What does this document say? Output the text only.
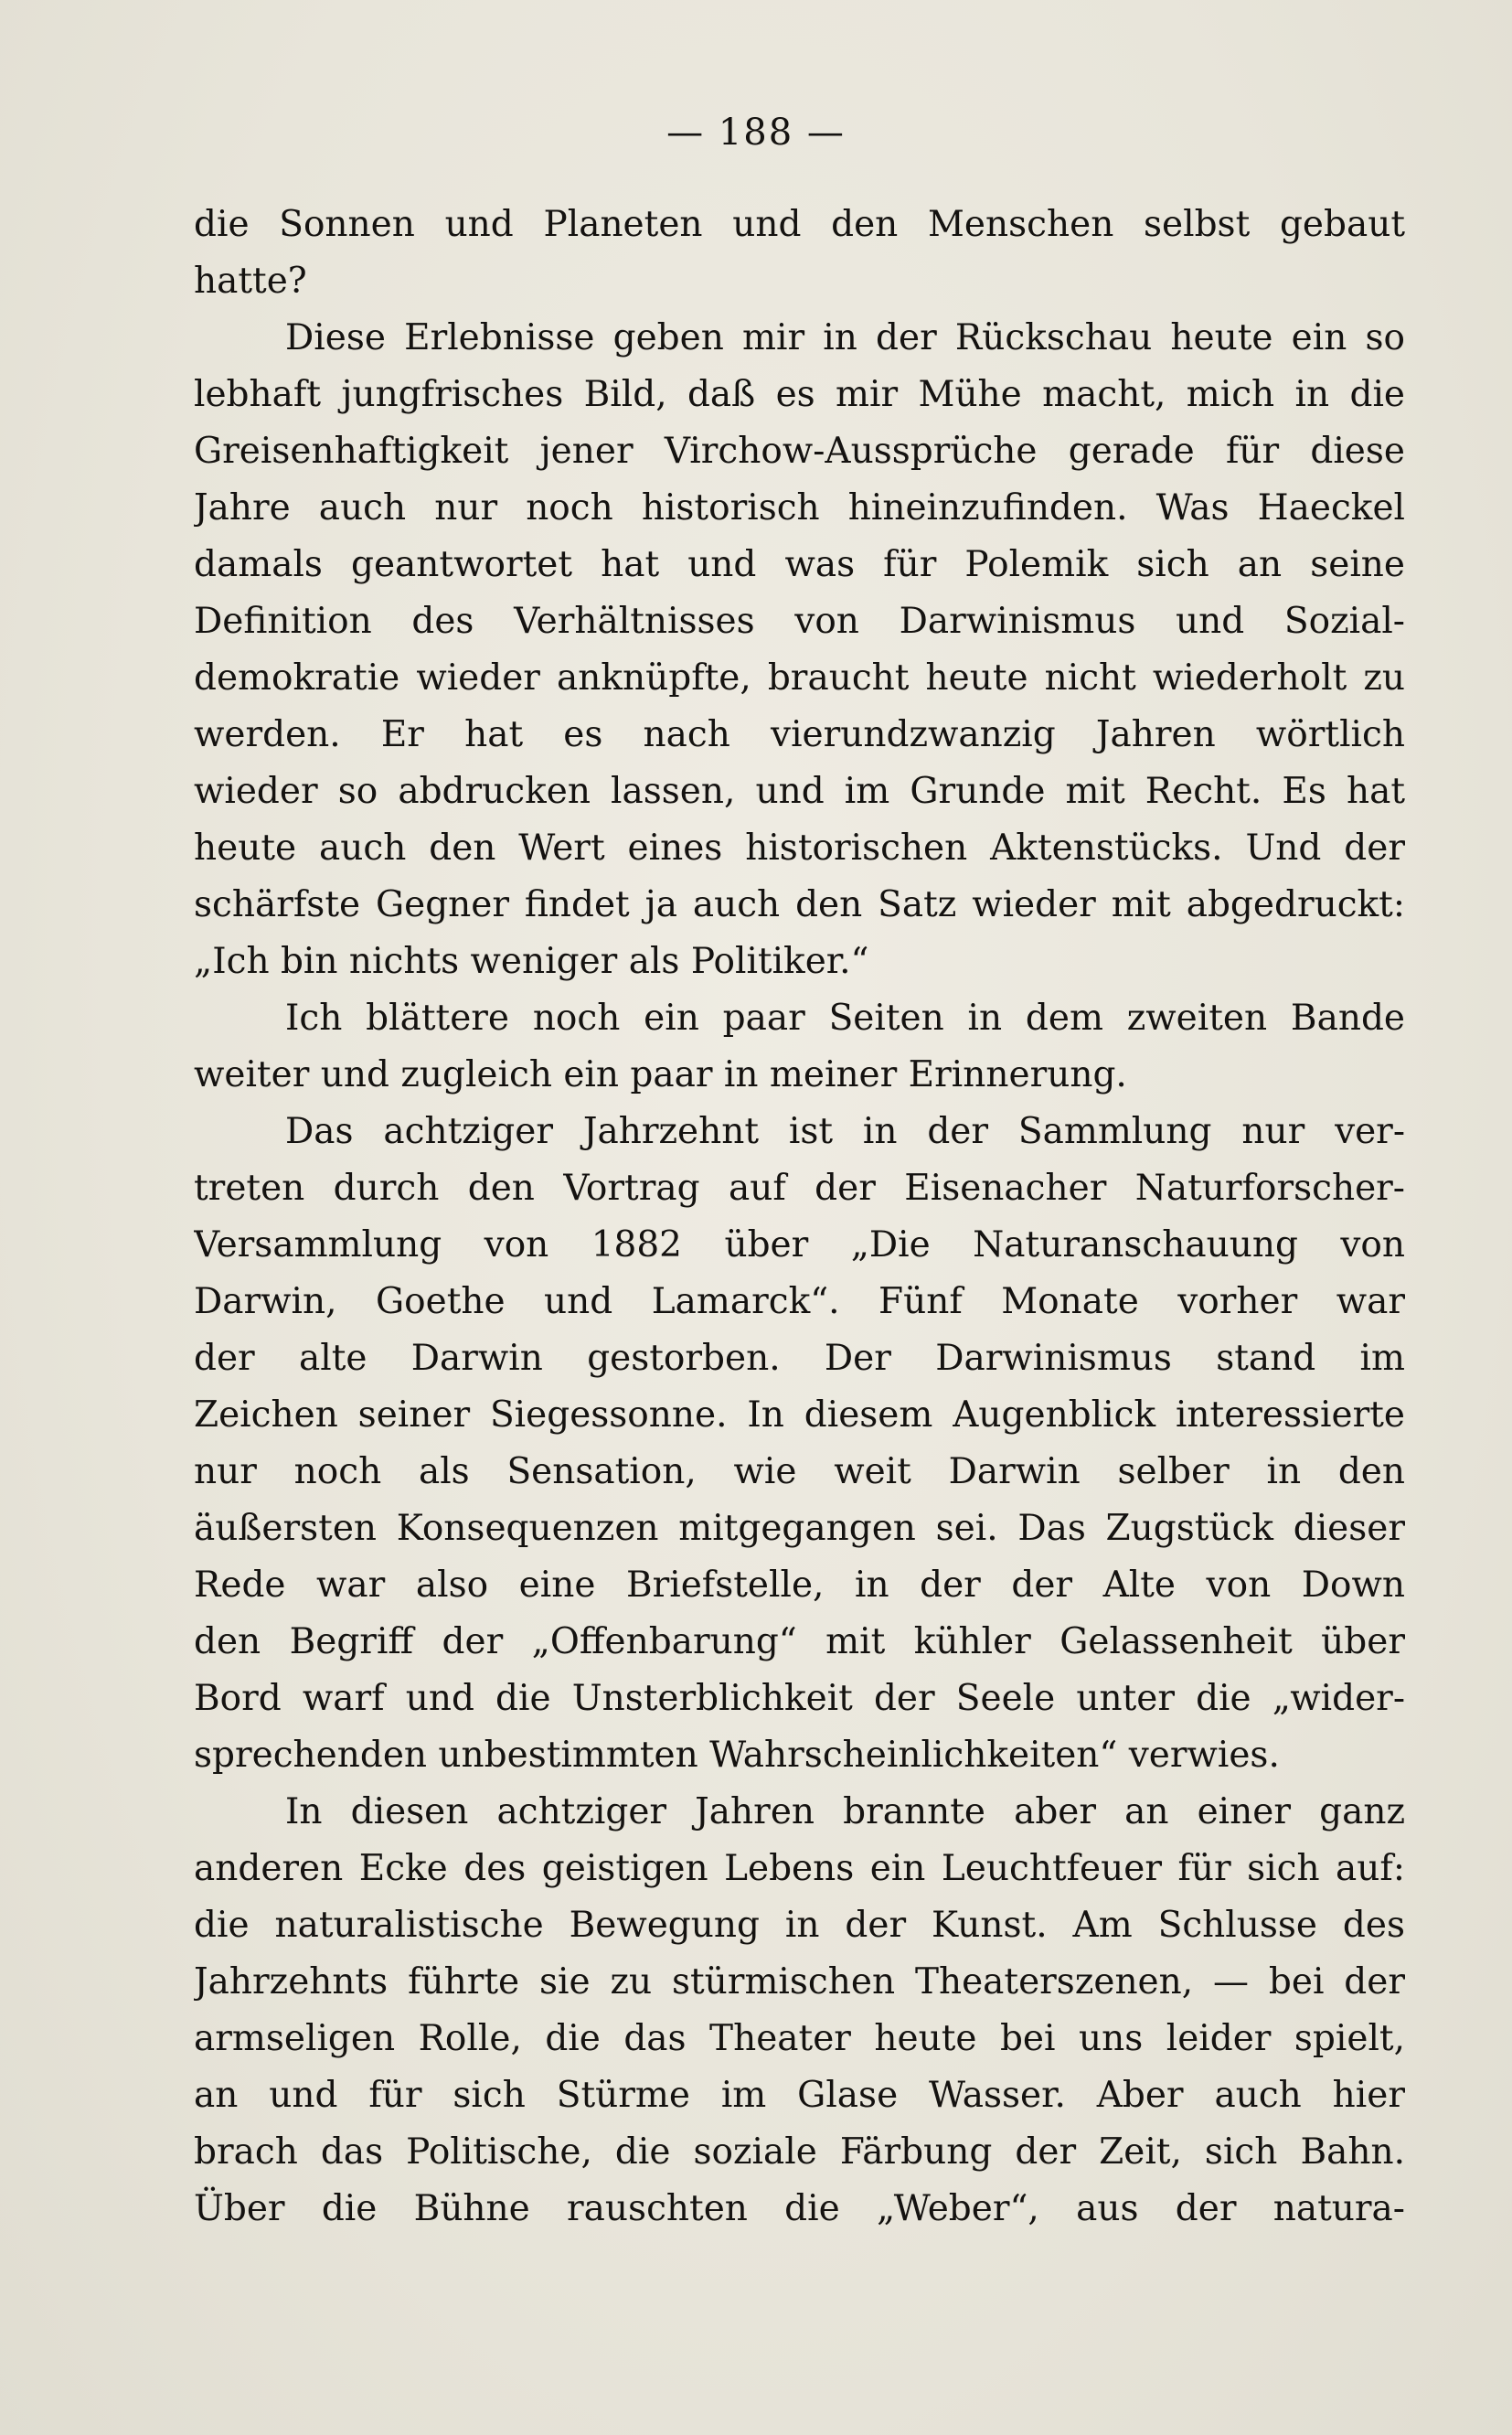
— 188 —
die Sonnen und Planeten und den Menschen selbst gebaut
hatte?
Diese Erlebnisse geben mir in der Rückschau heute ein so
lebhaft jungfrisches Bild, daß es mir Mühe macht, mich in die
Greisenhaftigkeit jener Virchow-Aussprüche gerade für diese
Jahre auch nur noch historisch hineinzufinden. Was Haeckel
damals geantwortet hat und was für Polemik sich an seine
Definition des Verhältnisses von Darwinismus und Sozial-
demokratie wieder anknüpfte, braucht heute nicht wiederholt zu
werden. Er hat es nach vierundzwanzig Jahren wörtlich
wieder so abdrucken lassen, und im Grunde mit Recht. Es hat
heute auch den Wert eines historischen Aktenstücks. Und der
schärfste Gegner findet ja auch den Satz wieder mit abgedruckt:
„Ich bin nichts weniger als Politiker.“
Ich blättere noch ein paar Seiten in dem zweiten Bande
weiter und zugleich ein paar in meiner Erinnerung.
Das achtziger Jahrzehnt ist in der Sammlung nur ver-
treten durch den Vortrag auf der Eisenacher Naturforscher-
Versammlung von 1882 über „Die Naturanschauung von
Darwin, Goethe und Lamarck“. Fünf Monate vorher war
der alte Darwin gestorben. Der Darwinismus stand im
Zeichen seiner Siegessonne. In diesem Augenblick interessierte
nur noch als Sensation, wie weit Darwin selber in den
äußersten Konsequenzen mitgegangen sei. Das Zugstück dieser
Rede war also eine Briefstelle, in der der Alte von Down
den Begriff der „Offenbarung“ mit kühler Gelassenheit über
Bord warf und die Unsterblichkeit der Seele unter die „wider-
sprechenden unbestimmten Wahrscheinlichkeiten“ verwies.
In diesen achtziger Jahren brannte aber an einer ganz
anderen Ecke des geistigen Lebens ein Leuchtfeuer für sich auf:
die naturalistische Bewegung in der Kunst. Am Schlusse des
Jahrzehnts führte sie zu stürmischen Theaterszenen, — bei der
armseligen Rolle, die das Theater heute bei uns leider spielt,
an und für sich Stürme im Glase Wasser. Aber auch hier
brach das Politische, die soziale Färbung der Zeit, sich Bahn.
Über die Bühne rauschten die „Weber“, aus der natura-
